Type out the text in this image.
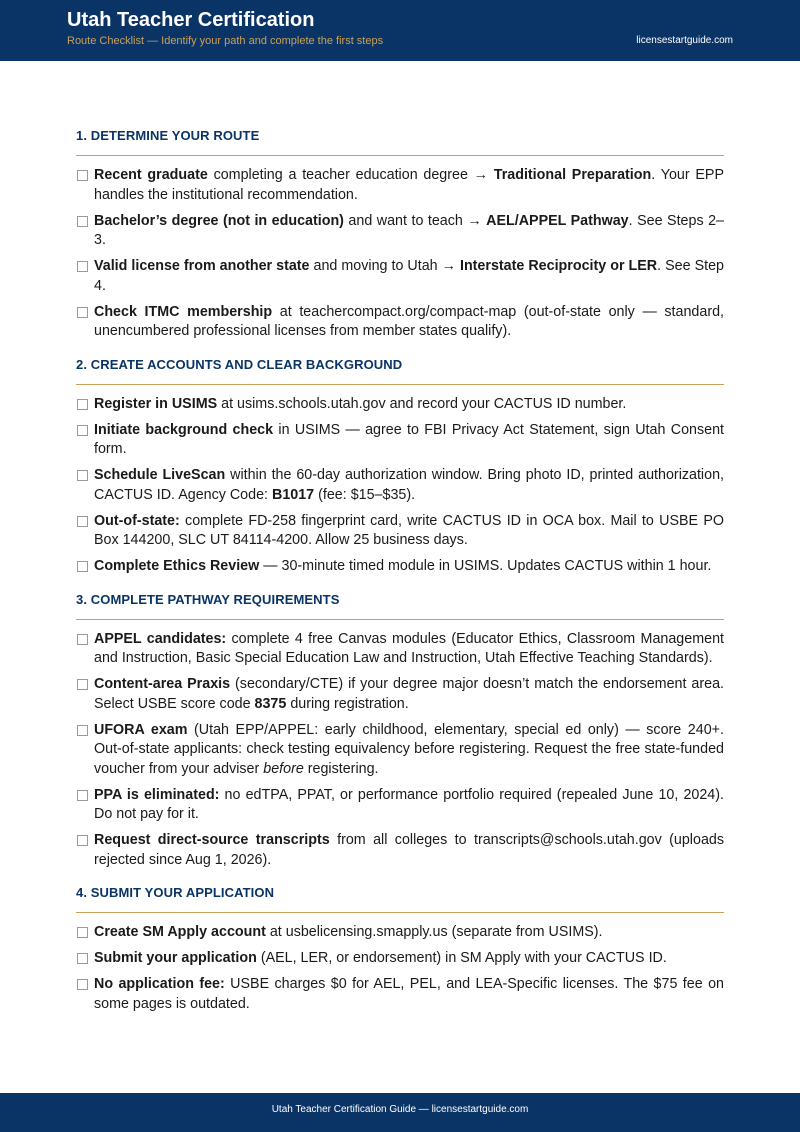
Utah Teacher Certification
Route Checklist — Identify your path and complete the first steps	licensestartguide.com
1. DETERMINE YOUR ROUTE
Recent graduate completing a teacher education degree → Traditional Preparation. Your EPP handles the institutional recommendation.
Bachelor’s degree (not in education) and want to teach → AEL/APPEL Pathway. See Steps 2–3.
Valid license from another state and moving to Utah → Interstate Reciprocity or LER. See Step 4.
Check ITMC membership at teachercompact.org/compact-map (out-of-state only — standard, unencumbered professional licenses from member states qualify).
2. CREATE ACCOUNTS AND CLEAR BACKGROUND
Register in USIMS at usims.schools.utah.gov and record your CACTUS ID number.
Initiate background check in USIMS — agree to FBI Privacy Act Statement, sign Utah Consent form.
Schedule LiveScan within the 60-day authorization window. Bring photo ID, printed authorization, CACTUS ID. Agency Code: B1017 (fee: $15–$35).
Out-of-state: complete FD-258 fingerprint card, write CACTUS ID in OCA box. Mail to USBE PO Box 144200, SLC UT 84114-4200. Allow 25 business days.
Complete Ethics Review — 30-minute timed module in USIMS. Updates CACTUS within 1 hour.
3. COMPLETE PATHWAY REQUIREMENTS
APPEL candidates: complete 4 free Canvas modules (Educator Ethics, Classroom Management and Instruction, Basic Special Education Law and Instruction, Utah Effective Teaching Standards).
Content-area Praxis (secondary/CTE) if your degree major doesn’t match the endorsement area. Select USBE score code 8375 during registration.
UFORA exam (Utah EPP/APPEL: early childhood, elementary, special ed only) — score 240+. Out-of-state applicants: check testing equivalency before registering. Request the free state-funded voucher from your adviser before registering.
PPA is eliminated: no edTPA, PPAT, or performance portfolio required (repealed June 10, 2024). Do not pay for it.
Request direct-source transcripts from all colleges to transcripts@schools.utah.gov (uploads rejected since Aug 1, 2026).
4. SUBMIT YOUR APPLICATION
Create SM Apply account at usbelicensing.smapply.us (separate from USIMS).
Submit your application (AEL, LER, or endorsement) in SM Apply with your CACTUS ID.
No application fee: USBE charges $0 for AEL, PEL, and LEA-Specific licenses. The $75 fee on some pages is outdated.
Utah Teacher Certification Guide — licensestartguide.com
